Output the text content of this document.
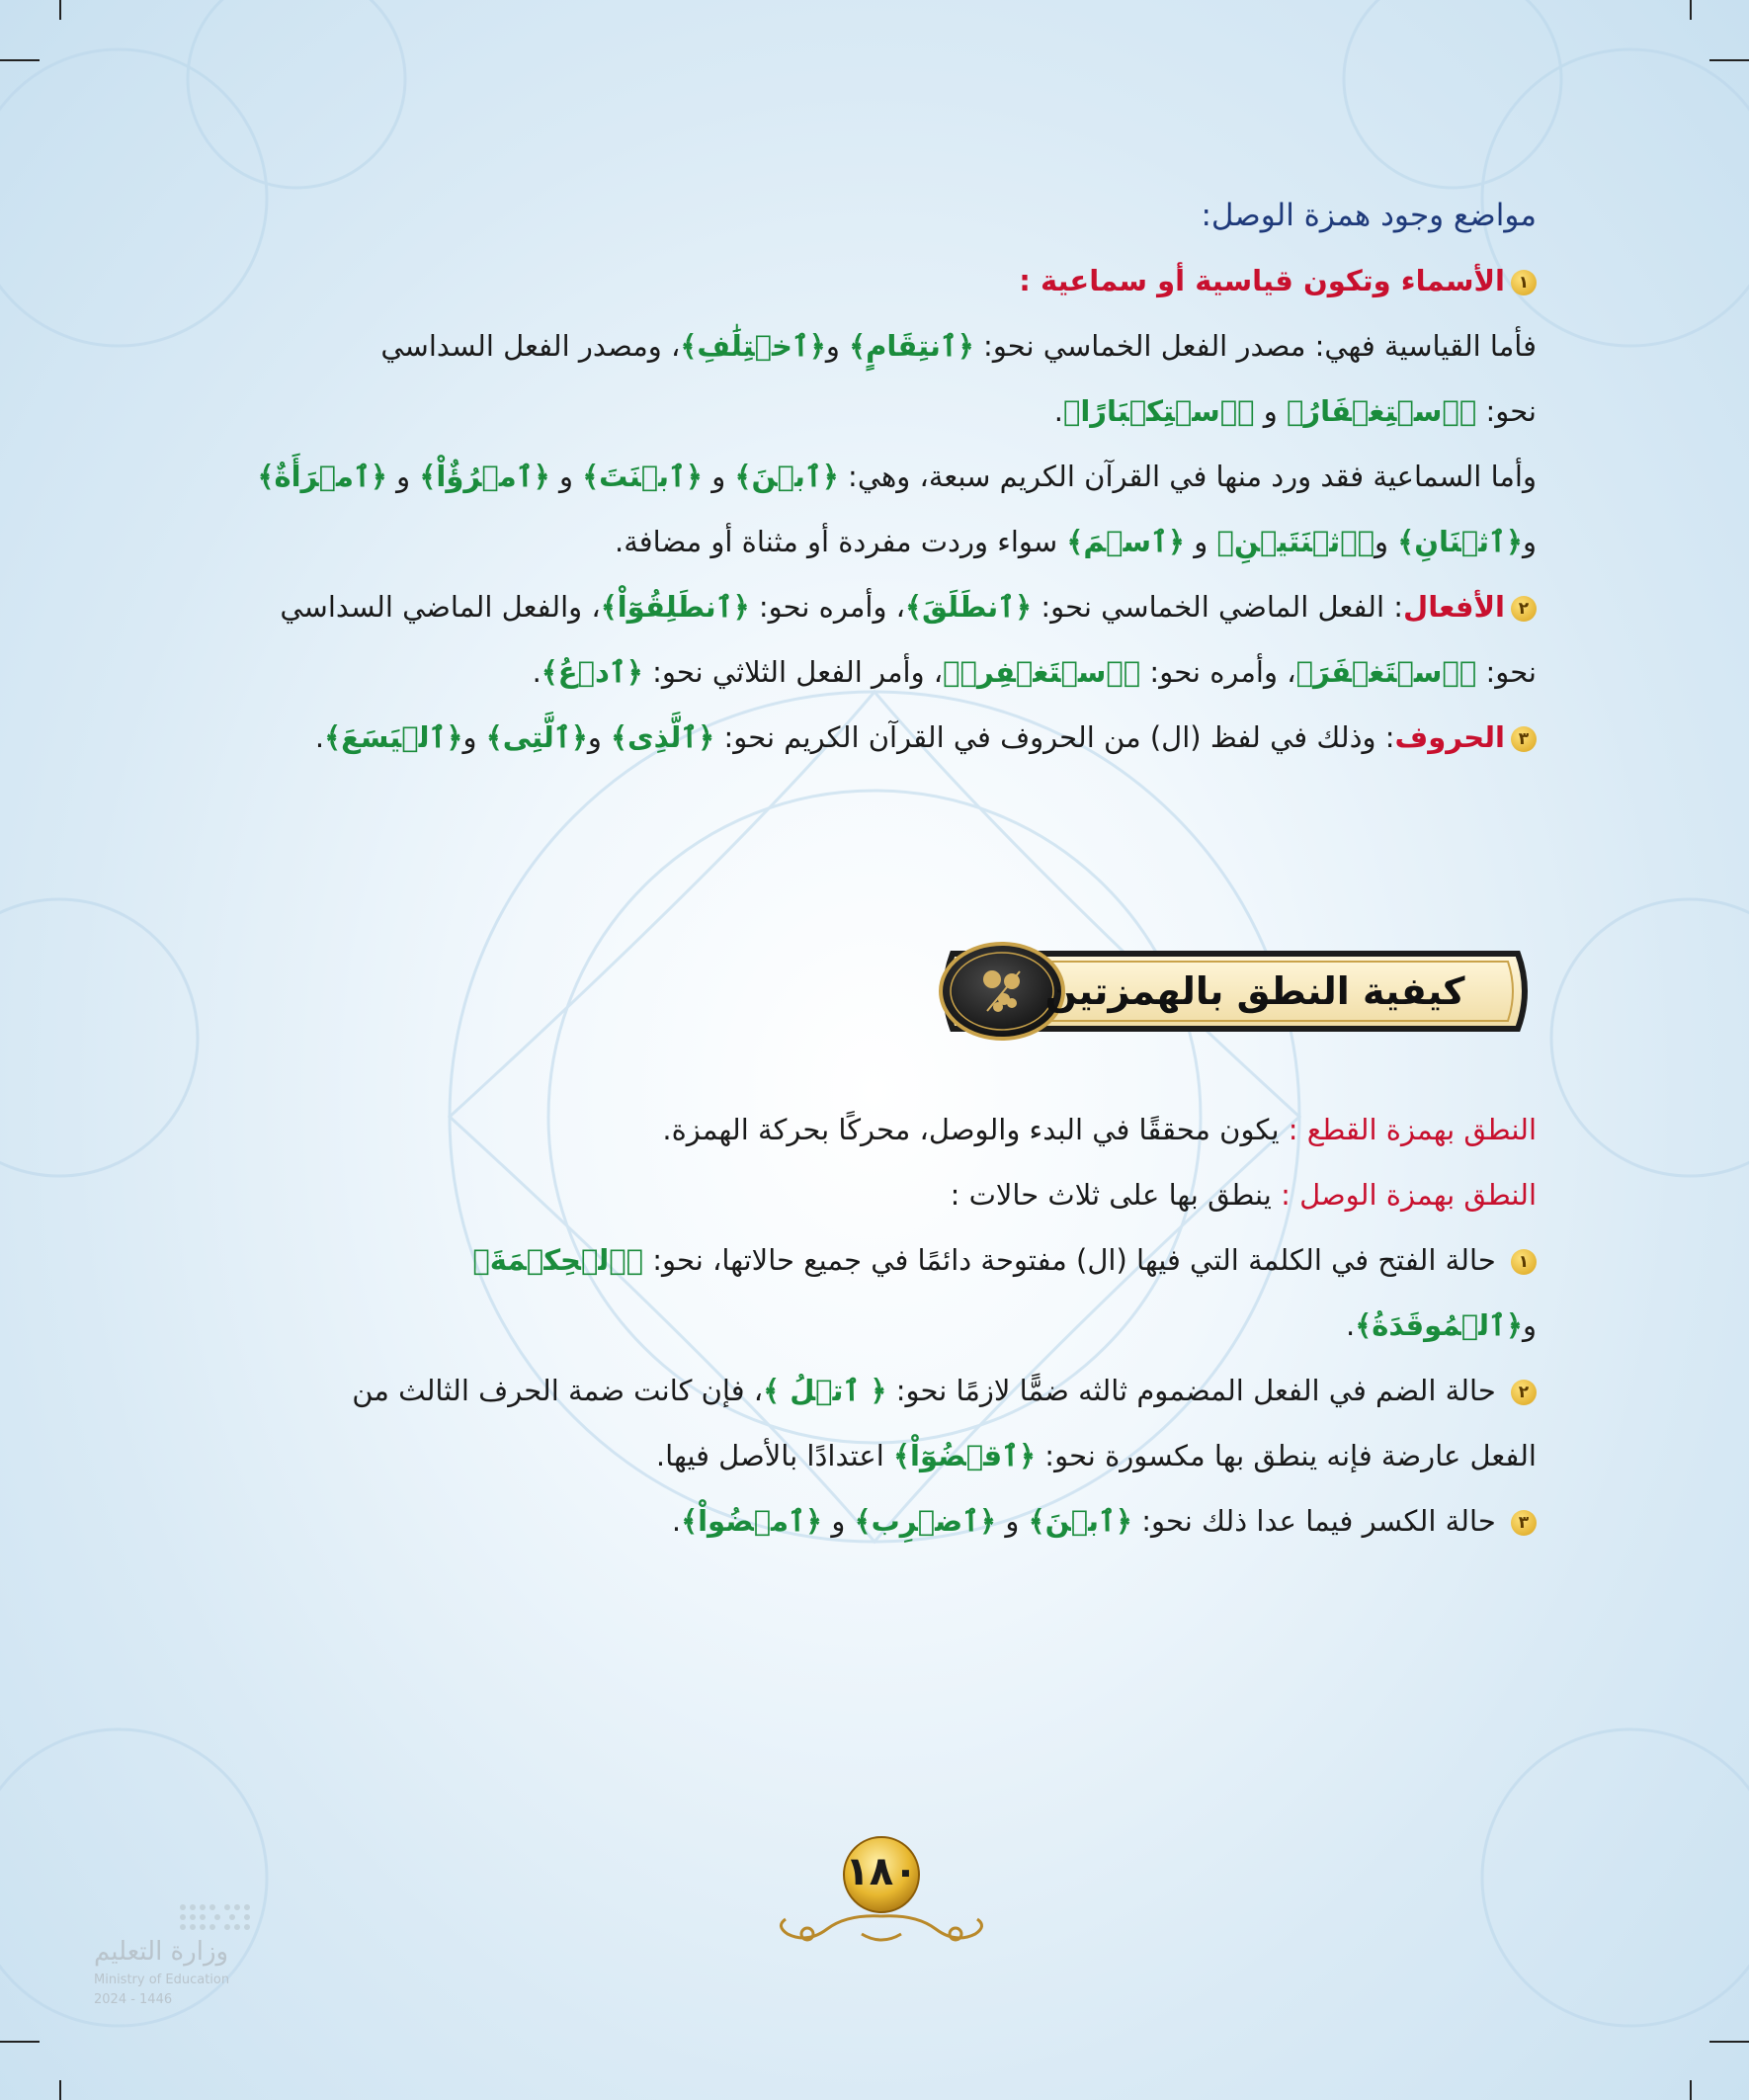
مواضع وجود همزة الوصل:
١الأسماء وتكون قياسية أو سماعية :
فأما القياسية فهي: مصدر الفعل الخماسي نحو: ﴿ٱنتِقَامٍ﴾ و﴿ٱخۡتِلَٰفِ﴾، ومصدر الفعل السداسي
نحو: ﴿ٱسۡتِغۡفَارُ﴾ و ﴿ٱسۡتِكۡبَارًا﴾.
وأما السماعية فقد ورد منها في القرآن الكريم سبعة، وهي: ﴿ٱبۡنَ﴾ و ﴿ٱبۡنَتَ﴾ و ﴿ٱمۡرُؤٌاْ﴾ و ﴿ٱمۡرَأَةٌ﴾
و﴿ٱثۡنَانِ﴾ و﴿ٱثۡنَتَيۡنِ﴾ و ﴿ٱسۡمَ﴾ سواء وردت مفردة أو مثناة أو مضافة.
٢الأفعال: الفعل الماضي الخماسي نحو: ﴿ٱنطَلَقَ﴾، وأمره نحو: ﴿ٱنطَلِقُوٓاْ﴾، والفعل الماضي السداسي
نحو: ﴿ٱسۡتَغۡفَرَ﴾، وأمره نحو: ﴿ٱسۡتَغۡفِرۡ﴾، وأمر الفعل الثلاثي نحو: ﴿ٱدۡعُ﴾.
٣الحروف: وذلك في لفظ (ال) من الحروف في القرآن الكريم نحو: ﴿ٱلَّذِى﴾ و﴿ٱلَّتِى﴾ و﴿ٱلۡيَسَعَ﴾.
كيفية النطق بالهمزتين
النطق بهمزة القطع : يكون محققًا في البدء والوصل، محركًا بحركة الهمزة.
النطق بهمزة الوصل : ينطق بها على ثلاث حالات :
١ حالة الفتح في الكلمة التي فيها (ال) مفتوحة دائمًا في جميع حالاتها، نحو: ﴿ٱلۡحِكۡمَةَ﴾
و﴿ٱلۡمُوقَدَةُ﴾.
٢ حالة الضم في الفعل المضموم ثالثه ضمًّا لازمًا نحو: ﴿ ٱتۡلُ ﴾، فإن كانت ضمة الحرف الثالث من
الفعل عارضة فإنه ينطق بها مكسورة نحو: ﴿ٱقۡضُوٓاْ﴾ اعتدادًا بالأصل فيها.
٣ حالة الكسر فيما عدا ذلك نحو: ﴿ٱبۡنَ﴾ و ﴿ٱضۡرِب﴾ و ﴿ٱمۡضُواْ﴾.
١٨٠
وزارة التعليم
Ministry of Education
2024 - 1446
